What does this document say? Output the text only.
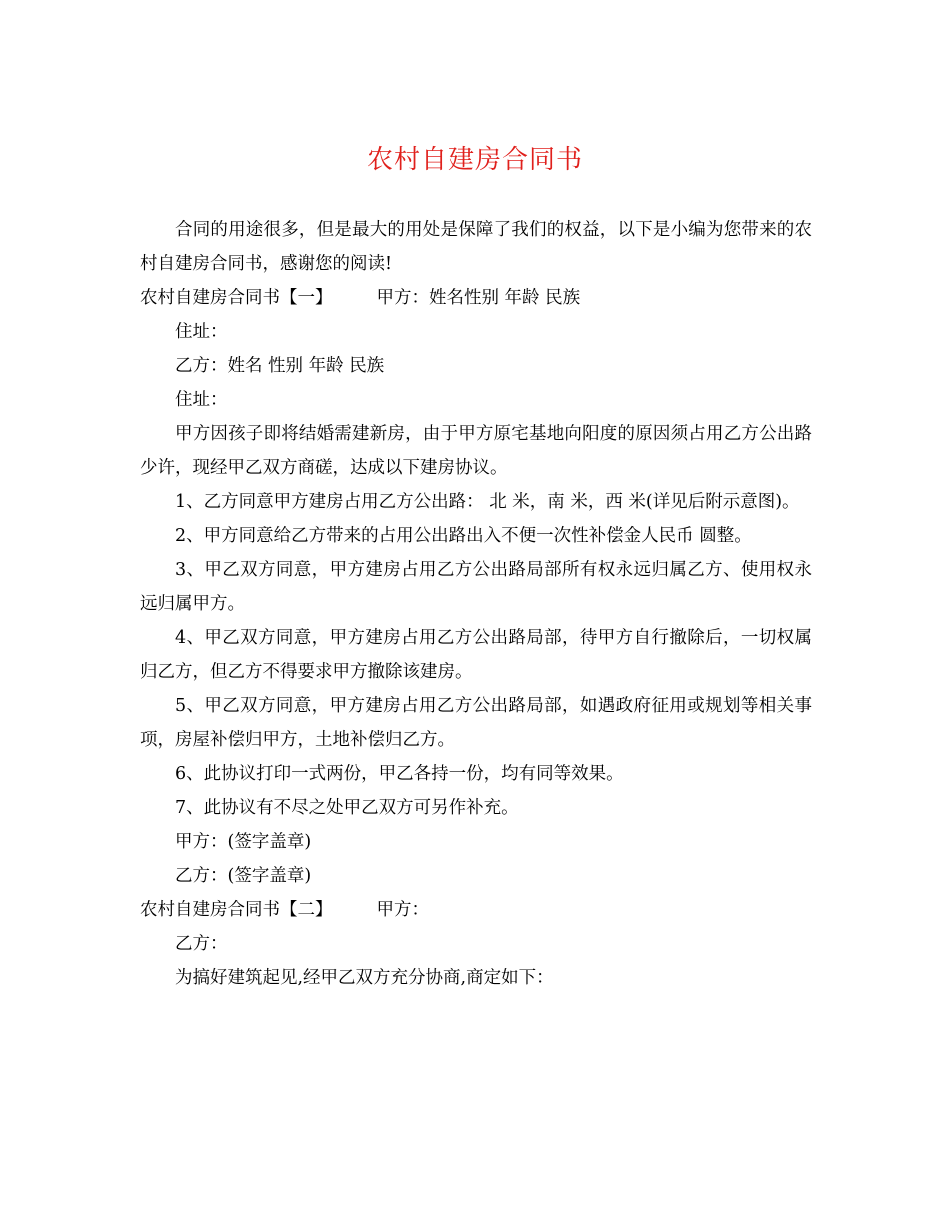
农村自建房合同书

合同的用途很多，但是最大的用处是保障了我们的权益，以下是小编为您带来的农村自建房合同书，感谢您的阅读!

农村自建房合同书【一】	甲方：姓名性别 年龄 民族

住址：

乙方：姓名 性别 年龄 民族

住址：

甲方因孩子即将结婚需建新房，由于甲方原宅基地向阳度的原因须占用乙方公出路少许，现经甲乙双方商磋，达成以下建房协议。

1、乙方同意甲方建房占用乙方公出路： 北 米，南 米，西 米(详见后附示意图)。

2、甲方同意给乙方带来的占用公出路出入不便一次性补偿金人民币 圆整。

3、甲乙双方同意，甲方建房占用乙方公出路局部所有权永远归属乙方、使用权永远归属甲方。

4、甲乙双方同意，甲方建房占用乙方公出路局部，待甲方自行撤除后，一切权属归乙方，但乙方不得要求甲方撤除该建房。

5、甲乙双方同意，甲方建房占用乙方公出路局部，如遇政府征用或规划等相关事项，房屋补偿归甲方，土地补偿归乙方。

6、此协议打印一式两份，甲乙各持一份，均有同等效果。

7、此协议有不尽之处甲乙双方可另作补充。

甲方：(签字盖章)

乙方：(签字盖章)

农村自建房合同书【二】	甲方：

乙方：

为搞好建筑起见,经甲乙双方充分协商,商定如下：
